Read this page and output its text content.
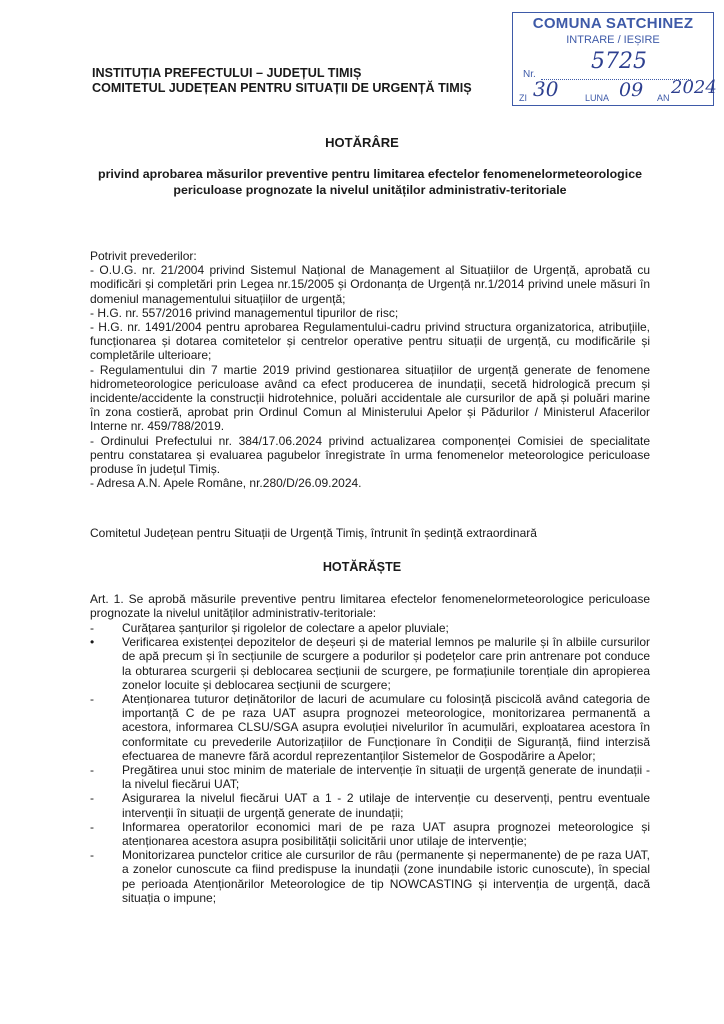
COMUNA SATCHINEZ
INTRARE / IEȘIRE
Nr.
5725
ZI 30	LUNA 09 AN 2024
INSTITUȚIA PREFECTULUI – JUDEȚUL TIMIȘ
COMITETUL JUDEȚEAN PENTRU SITUAȚII DE URGENȚĂ TIMIȘ
HOTĂRÂRE
privind aprobarea măsurilor preventive pentru limitarea efectelor fenomenelormeteorologice periculoase prognozate la nivelul unităților administrativ-teritoriale

Potrivit prevederilor:

- O.U.G. nr. 21/2004 privind Sistemul Național de Management al Situațiilor de Urgență, aprobată cu modificări și completări prin Legea nr.15/2005 și Ordonanța de Urgență nr.1/2014 privind unele măsuri în domeniul managementului situațiilor de urgență;

- H.G. nr. 557/2016 privind managementul tipurilor de risc;

- H.G. nr. 1491/2004 pentru aprobarea Regulamentului-cadru privind structura organizatorica, atribuțiile, funcționarea și dotarea comitetelor și centrelor operative pentru situații de urgență, cu modificările și completările ulterioare;

- Regulamentului din 7 martie 2019 privind gestionarea situațiilor de urgență generate de fenomene hidrometeorologice periculoase având ca efect producerea de inundații, secetă hidrologică precum și incidente/accidente la construcții hidrotehnice, poluări accidentale ale cursurilor de apă și poluări marine în zona costieră, aprobat prin Ordinul Comun al Ministerului Apelor și Pădurilor / Ministerul Afacerilor Interne nr. 459/788/2019.

- Ordinului Prefectului nr. 384/17.06.2024 privind actualizarea componenței Comisiei de specialitate pentru constatarea și evaluarea pagubelor înregistrate în urma fenomenelor meteorologice periculoase produse în județul Timiș.

- Adresa A.N. Apele Române, nr.280/D/26.09.2024.

Comitetul Județean pentru Situații de Urgență Timiș, întrunit în ședință extraordinară
HOTĂRĂȘTE
Art. 1. Se aprobă măsurile preventive pentru limitarea efectelor fenomenelormeteorologice periculoase prognozate la nivelul unităților administrativ-teritoriale:
- Curățarea șanțurilor și rigolelor de colectare a apelor pluviale;
• Verificarea existenței depozitelor de deșeuri și de material lemnos pe malurile și în albiile cursurilor de apă precum și în secțiunile de scurgere a podurilor și podețelor care prin antrenare pot conduce la obturarea scurgerii și deblocarea secțiunii de scurgere, pe formațiunile torențiale din apropierea zonelor locuite și deblocarea secțiunii de scurgere;
- Atenționarea tuturor deținătorilor de lacuri de acumulare cu folosință piscicolă având categoria de importanță C de pe raza UAT asupra prognozei meteorologice, monitorizarea permanentă a acestora, informarea CLSU/SGA asupra evoluției nivelurilor în acumulări, exploatarea acestora în conformitate cu prevederile Autorizațiilor de Funcționare în Condiții de Siguranță, fiind interzisă efectuarea de manevre fără acordul reprezentanților Sistemelor de Gospodărire a Apelor;
- Pregătirea unui stoc minim de materiale de intervenție în situații de urgență generate de inundații - la nivelul fiecărui UAT;
- Asigurarea la nivelul fiecărui UAT a 1 - 2 utilaje de intervenție cu deservenți, pentru eventuale intervenții în situații de urgență generate de inundații;
- Informarea operatorilor economici mari de pe raza UAT asupra prognozei meteorologice și atenționarea acestora asupra posibilității solicitării unor utilaje de intervenție;
- Monitorizarea punctelor critice ale cursurilor de râu (permanente și nepermanente) de pe raza UAT, a zonelor cunoscute ca fiind predispuse la inundații (zone inundabile istoric cunoscute), în special pe perioada Atenționărilor Meteorologice de tip NOWCASTING și intervenția de urgență, dacă situația o impune;
